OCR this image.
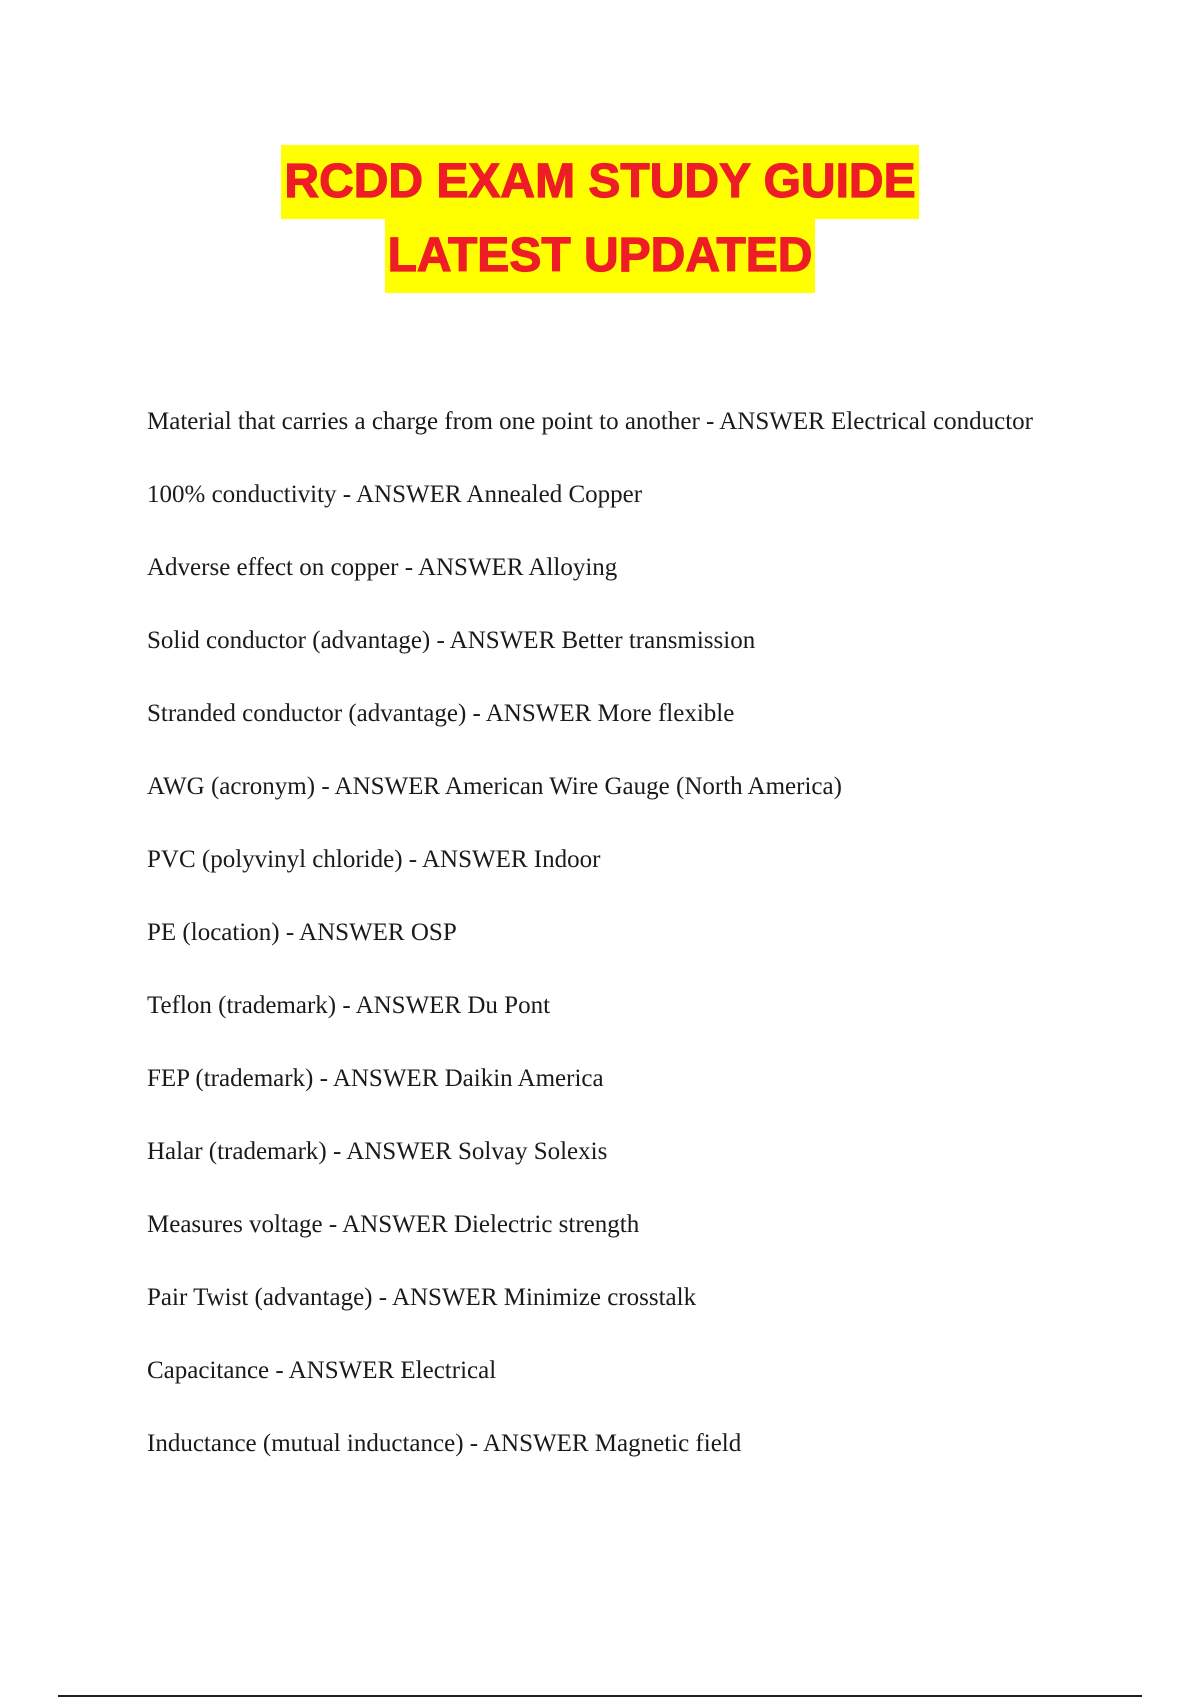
RCDD EXAM STUDY GUIDE
LATEST UPDATED
Material that carries a charge from one point to another - ANSWER Electrical conductor
100% conductivity - ANSWER Annealed Copper
Adverse effect on copper - ANSWER Alloying
Solid conductor (advantage) - ANSWER Better transmission
Stranded conductor (advantage) - ANSWER More flexible
AWG (acronym) - ANSWER American Wire Gauge (North America)
PVC (polyvinyl chloride) - ANSWER Indoor
PE (location) - ANSWER OSP
Teflon (trademark) - ANSWER Du Pont
FEP (trademark) - ANSWER Daikin America
Halar (trademark) - ANSWER Solvay Solexis
Measures voltage - ANSWER Dielectric strength
Pair Twist (advantage) - ANSWER Minimize crosstalk
Capacitance - ANSWER Electrical
Inductance (mutual inductance) - ANSWER Magnetic field
